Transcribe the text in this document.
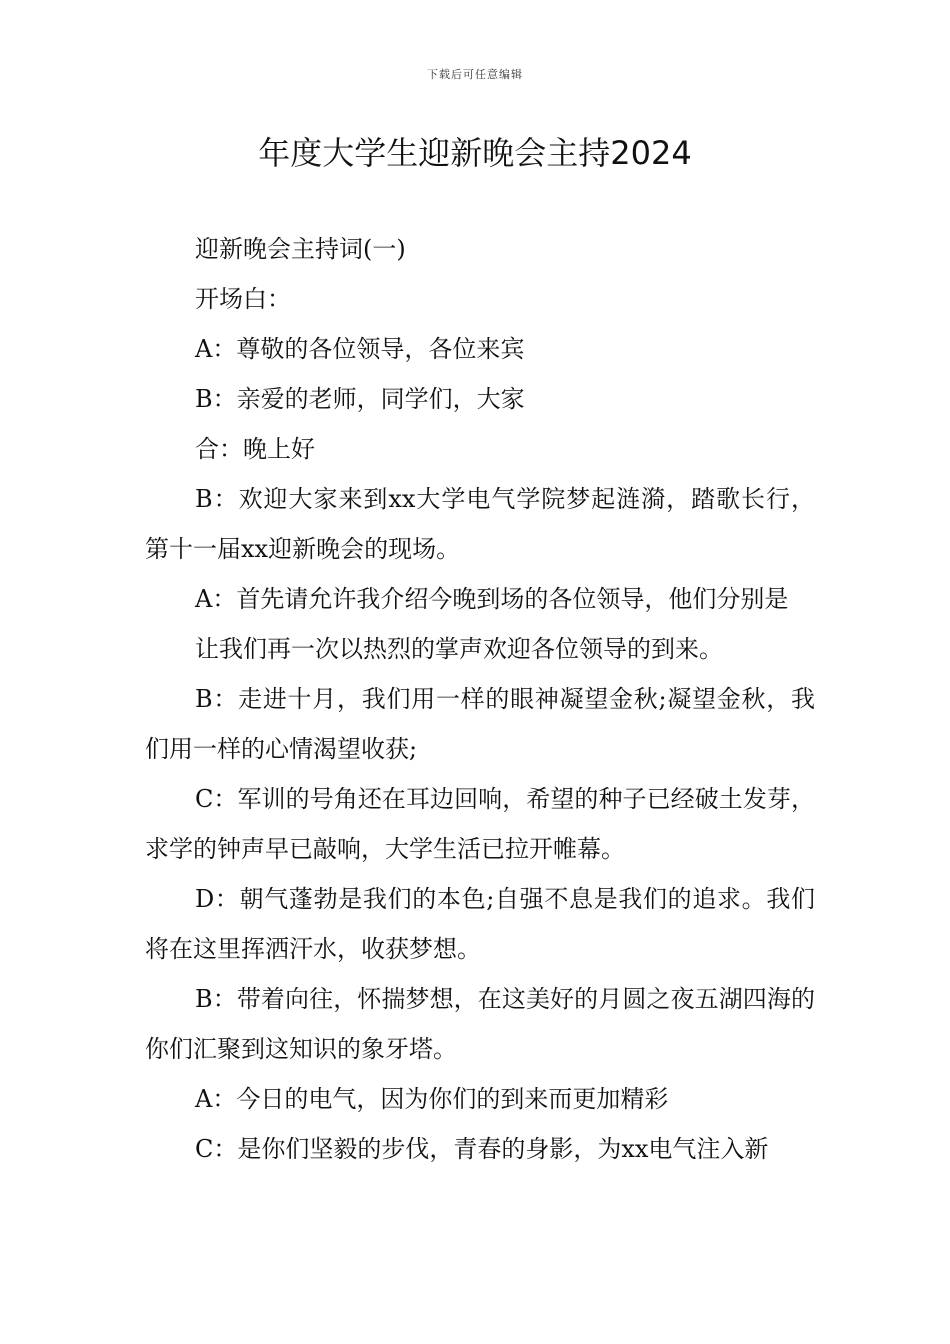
下载后可任意编辑
年度大学生迎新晚会主持2024

迎新晚会主持词(一)

开场白：

A：尊敬的各位领导，各位来宾

B：亲爱的老师，同学们，大家

合：晚上好

B：欢迎大家来到xx大学电气学院梦起涟漪，踏歌长行，第十一届xx迎新晚会的现场。

A：首先请允许我介绍今晚到场的各位领导，他们分别是

让我们再一次以热烈的掌声欢迎各位领导的到来。

B：走进十月，我们用一样的眼神凝望金秋;凝望金秋，我们用一样的心情渴望收获;

C：军训的号角还在耳边回响，希望的种子已经破土发芽，求学的钟声早已敲响，大学生活已拉开帷幕。

D：朝气蓬勃是我们的本色;自强不息是我们的追求。我们将在这里挥洒汗水，收获梦想。

B：带着向往，怀揣梦想，在这美好的月圆之夜五湖四海的你们汇聚到这知识的象牙塔。

A：今日的电气，因为你们的到来而更加精彩

C：是你们坚毅的步伐，青春的身影，为xx电气注入新
